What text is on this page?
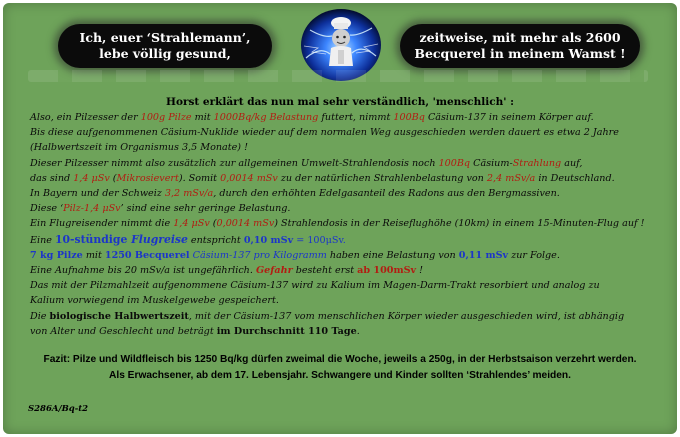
Ich, euer ‘Strahlemann’,
lebe völlig gesund,
zeitweise, mit mehr als 2600
Becquerel in meinem Wamst !
Horst erklärt das nun mal sehr verständlich, 'menschlich' :
Also, ein Pilzesser der 100g Pilze mit 1000Bq/kg Belastung futtert, nimmt 100Bq Cäsium-137 in seinem Körper auf.
Bis diese aufgenommenen Cäsium-Nuklide wieder auf dem normalen Weg ausgeschieden werden dauert es etwa 2 Jahre
(Halbwertszeit im Organismus 3,5 Monate) !
Dieser Pilzesser nimmt also zusätzlich zur allgemeinen Umwelt-Strahlendosis noch 100Bq Cäsium-Strahlung auf,
das sind 1,4 μSv (Mikrosievert). Somit 0,0014 mSv zu der natürlichen Strahlenbelastung von 2,4 mSv/a in Deutschland.
In Bayern und der Schweiz 3,2 mSv/a, durch den erhöhten Edelgasanteil des Radons aus den Bergmassiven.
Diese ‘Pilz-1,4 μSv’ sind eine sehr geringe Belastung.
Ein Flugreisender nimmt die 1,4 μSv (0,0014 mSv) Strahlendosis in der Reiseflughöhe (10km) in einem 15-Minuten-Flug auf !
Eine 10-stündige Flugreise entspricht 0,10 mSv = 100μSv.
7 kg Pilze mit 1250 Becquerel Cäsium-137 pro Kilogramm haben eine Belastung von 0,11 mSv zur Folge.
Eine Aufnahme bis 20 mSv/a ist ungefährlich. Gefahr besteht erst ab 100mSv !
Das mit der Pilzmahlzeit aufgenommene Cäsium-137 wird zu Kalium im Magen-Darm-Trakt resorbiert und analog zu
Kalium vorwiegend im Muskelgewebe gespeichert.
Die biologische Halbwertszeit, mit der Cäsium-137 vom menschlichen Körper wieder ausgeschieden wird, ist abhängig
von Alter und Geschlecht und beträgt im Durchschnitt 110 Tage.
Fazit: Pilze und Wildfleisch bis 1250 Bq/kg dürfen zweimal die Woche, jeweils a 250g, in der Herbstsaison verzehrt werden.
Als Erwachsener, ab dem 17. Lebensjahr. Schwangere und Kinder sollten ‘Strahlendes’ meiden.
S286A/Bq-t2
